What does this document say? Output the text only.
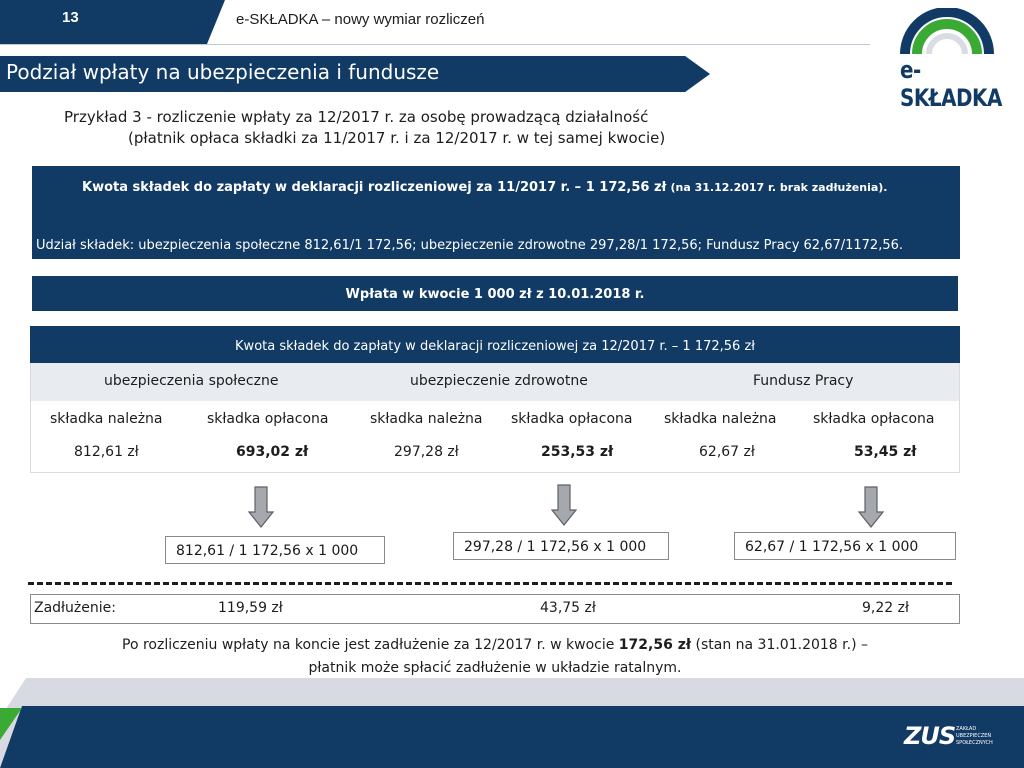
13	e-SKŁADKA – nowy wymiar rozliczeń
Podział wpłaty na ubezpieczenia i fundusze	e-SKŁADKA
Przykład 3 - rozliczenie wpłaty za 12/2017 r. za osobę prowadzącą działalność
(płatnik opłaca składki za 11/2017 r. i za 12/2017 r. w tej samej kwocie)
Kwota składek do zapłaty w deklaracji rozliczeniowej za 11/2017 r. – 1 172,56 zł (na 31.12.2017 r. brak zadłużenia).
Udział składek: ubezpieczenia społeczne 812,61/1 172,56; ubezpieczenie zdrowotne 297,28/1 172,56; Fundusz Pracy 62,67/1172,56.
Wpłata w kwocie 1 000 zł z 10.01.2018 r.
Kwota składek do zapłaty w deklaracji rozliczeniowej za 12/2017 r. – 1 172,56 zł
ubezpieczenia społeczne	ubezpieczenie zdrowotne	Fundusz Pracy
składka należna	składka opłacona	składka należna składka opłacona składka należna	składka opłacona
812,61 zł	693,02 zł	297,28 zł	253,53 zł	62,67 zł	53,45 zł
812,61 / 1 172,56 x 1 000	297,28 / 1 172,56 x 1 000	62,67 / 1 172,56 x 1 000
Zadłużenie:	119,59 zł	43,75 zł	9,22 zł
Po rozliczeniu wpłaty na koncie jest zadłużenie za 12/2017 r. w kwocie 172,56 zł (stan na 31.01.2018 r.) –
płatnik może spłacić zadłużenie w układzie ratalnym.
ZUS ZAKŁAD
UBEZPIECZEŃ
SPOŁECZNYCH
